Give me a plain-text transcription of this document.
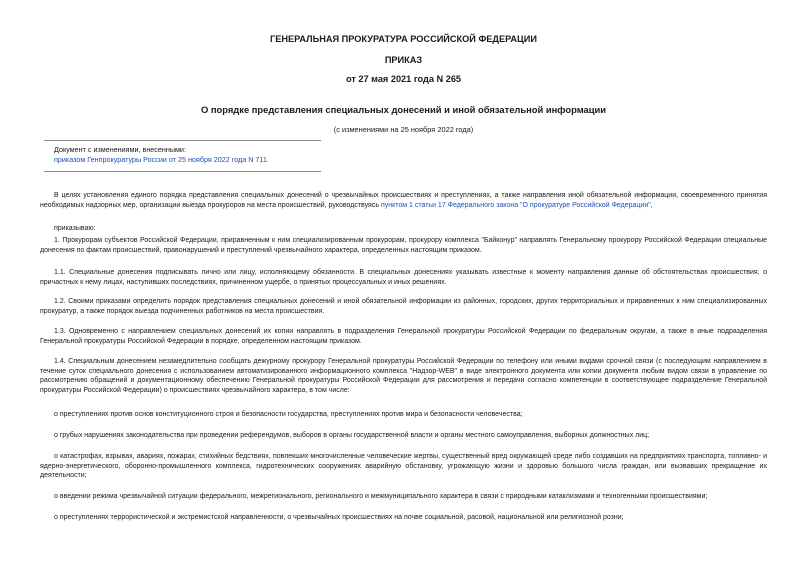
ГЕНЕРАЛЬНАЯ ПРОКУРАТУРА РОССИЙСКОЙ ФЕДЕРАЦИИ
ПРИКАЗ
от 27 мая 2021 года N 265
О порядке представления специальных донесений и иной обязательной информации
(с изменениями на 25 ноября 2022 года)
Документ с изменениями, внесенными:
приказом Генпрокуратуры России от 25 ноября 2022 года N 711.
В целях установления единого порядка представления специальных донесений о чрезвычайных происшествиях и преступлениях, а также направления иной обязательной информации, своевременного принятия необходимых надзорных мер, организации выезда прокуроров на места происшествий, руководствуясь пунктом 1 статьи 17 Федерального закона "О прокуратуре Российской Федерации",
приказываю:
1. Прокурорам субъектов Российской Федерации, приравненным к ним специализированным прокурорам, прокурору комплекса "Байконур" направлять Генеральному прокурору Российской Федерации специальные донесения по фактам происшествий, правонарушений и преступлений чрезвычайного характера, определенных настоящим приказом.
1.1. Специальные донесения подписывать лично или лицу, исполняющему обязанности. В специальных донесениях указывать известные к моменту направления данные об обстоятельствах происшествия, о причастных к нему лицах, наступивших последствиях, причиненном ущербе, о принятых процессуальных и иных решениях.
1.2. Своими приказами определить порядок представления специальных донесений и иной обязательной информации из районных, городских, других территориальных и приравненных к ним специализированных прокуратур, а также порядок выезда подчиненных работников на места происшествия.
1.3. Одновременно с направлением специальных донесений их копии направлять в подразделения Генеральной прокуратуры Российской Федерации по федеральным округам, а также в иные подразделения Генеральной прокуратуры Российской Федерации в порядке, определенном настоящим приказом.
1.4. Специальным донесением незамедлительно сообщать дежурному прокурору Генеральной прокуратуры Российской Федерации по телефону или иными видами срочной связи (с последующим направлением в течение суток специального донесения с использованием автоматизированного информационного комплекса "Надзор-WEB" в виде электронного документа или копии документа любым видом связи в управление по рассмотрению обращений и документационному обеспечению Генеральной прокуратуры Российской Федерации для рассмотрения и передачи согласно компетенции в соответствующее подразделение Генеральной прокуратуры Российской Федерации) о происшествиях чрезвычайного характера, в том числе:
о преступлениях против основ конституционного строя и безопасности государства, преступлениях против мира и безопасности человечества;
о грубых нарушениях законодательства при проведении референдумов, выборов в органы государственной власти и органы местного самоуправления, выборных должностных лиц;
о катастрофах, взрывах, авариях, пожарах, стихийных бедствиях, повлекших многочисленные человеческие жертвы, существенный вред окружающей среде либо создавших на предприятиях транспорта, топливно- и ядерно-энергетического, оборонно-промышленного комплекса, гидротехнических сооружениях аварийную обстановку, угрожающую жизни и здоровью большого числа граждан, или вызвавших прекращение их деятельности;
о введении режима чрезвычайной ситуации федерального, межрегионального, регионального и межмуниципального характера в связи с природными катаклизмами и техногенными происшествиями;
о преступлениях террористической и экстремистской направленности, о чрезвычайных происшествиях на почве социальной, расовой, национальной или религиозной розни;
